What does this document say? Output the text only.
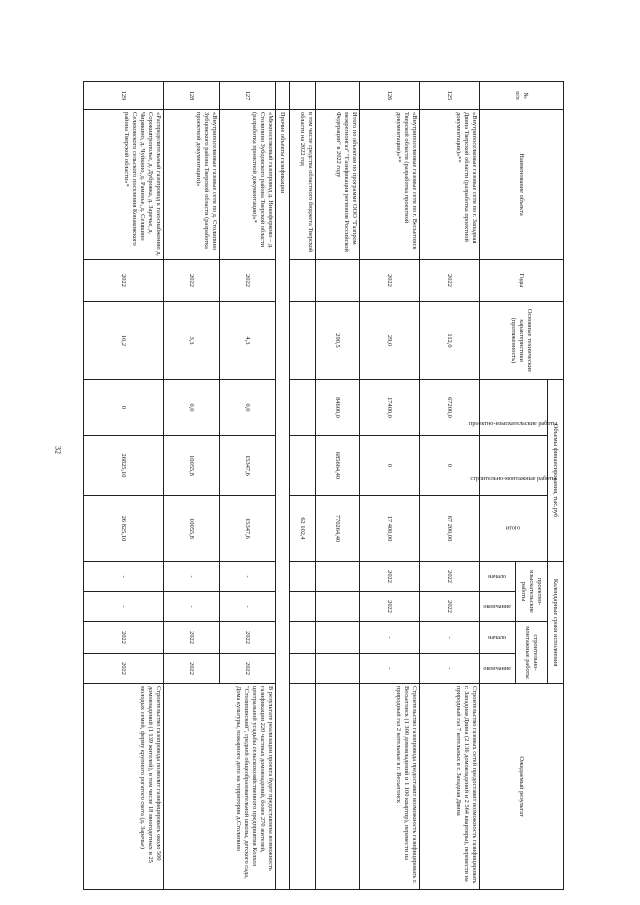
32
№
п/п	Наименование объекта	Годы	Основные технические характеристики (протяженность)	Объемы финансирования, тыс.руб			Календарные сроки исполнения				Ожидаемый результат
				проектно-изыскательские работы	строительно-монтажные работы	итого	проектно-изыскательские работы		строительно-монтажные работы		
							начало	окончание	начало	окончание	
125	«Внутрипоселковые газовые сети по г. Западная Двина Тверской области (разработка проектной документации)»**	2022	112,0	67200,0	0	67 200,00	2022	2022	-	-	Строительство газовых сетей предоставит возможность газифицировать г. Западная Двина (2 136 домовладений и 2 564 квартиры), перевести на природный газ 7 котельных в г. Западная Двина
126	«Внутрипоселковые газовые сети по г. Весьегонск Тверской области (разработка проектной документации)»**	2022	29,0	17400,0	0	17 400,00	2022	2022	-	-	Строительство газопровода предоставит возможность газифицировать г. Весьегонск (1 300 домовладений и 1 100 квартир), перевести на природный газ 2 котельные в г. Весьегонск
	Итого по объектам по программе ООО "Газпром межрегионгаз" "Газификация регионов Российской Федерации" в 2022 году		290,5	84600,0	685664,40	770264,40					
	в том числе средства областного бюджета Тверской области на 2022 год					62 102,4					
	Прочие объекты газификации										
127	«Межпоселковый газопровод д. Никифорково – д. Столипино Зубцовского района Тверской области (разработка проектной документации)»*	2022	4,3	0,0	15347,6	15347,6	-	-	2022	2022	В результате реализации проекта будет предоставлена возможность газификации 220 частных домовладений, более 270 жителей, центральной усадьбы сельскохозяйственного предприятия Колхоз "Столипинский", средней общеобразовательной школы, детского сада, Дома культуры, пожарного депо на территории д.Столипино
128	«Внутрипоселковые газовые сети по д. Столипино Зубцовского района Тверской области (разработка проектной документации)»	2022	3,3	0,0	10055,8	10055,8	-	-	2022	2022	
129	«Распределительный газопровод к газоснабжению д. Сорокиятрополье, д. Дубровка, д. Заречье, д. Чирякино, д. Чуйкино, д. Раменье, д. Селякино Селиховского сельского поселения Конаковского района Тверской области»*	2022	10,2	0	26825,10	26 825,10	-	-	2022	2022	Строительство газопровода позволит газифицировать около 500 домовладений (1 139 жителей), в том числе 18 многодетных и 25 молодых семей, ферму крупного рогатого скота (д. Заречье)
